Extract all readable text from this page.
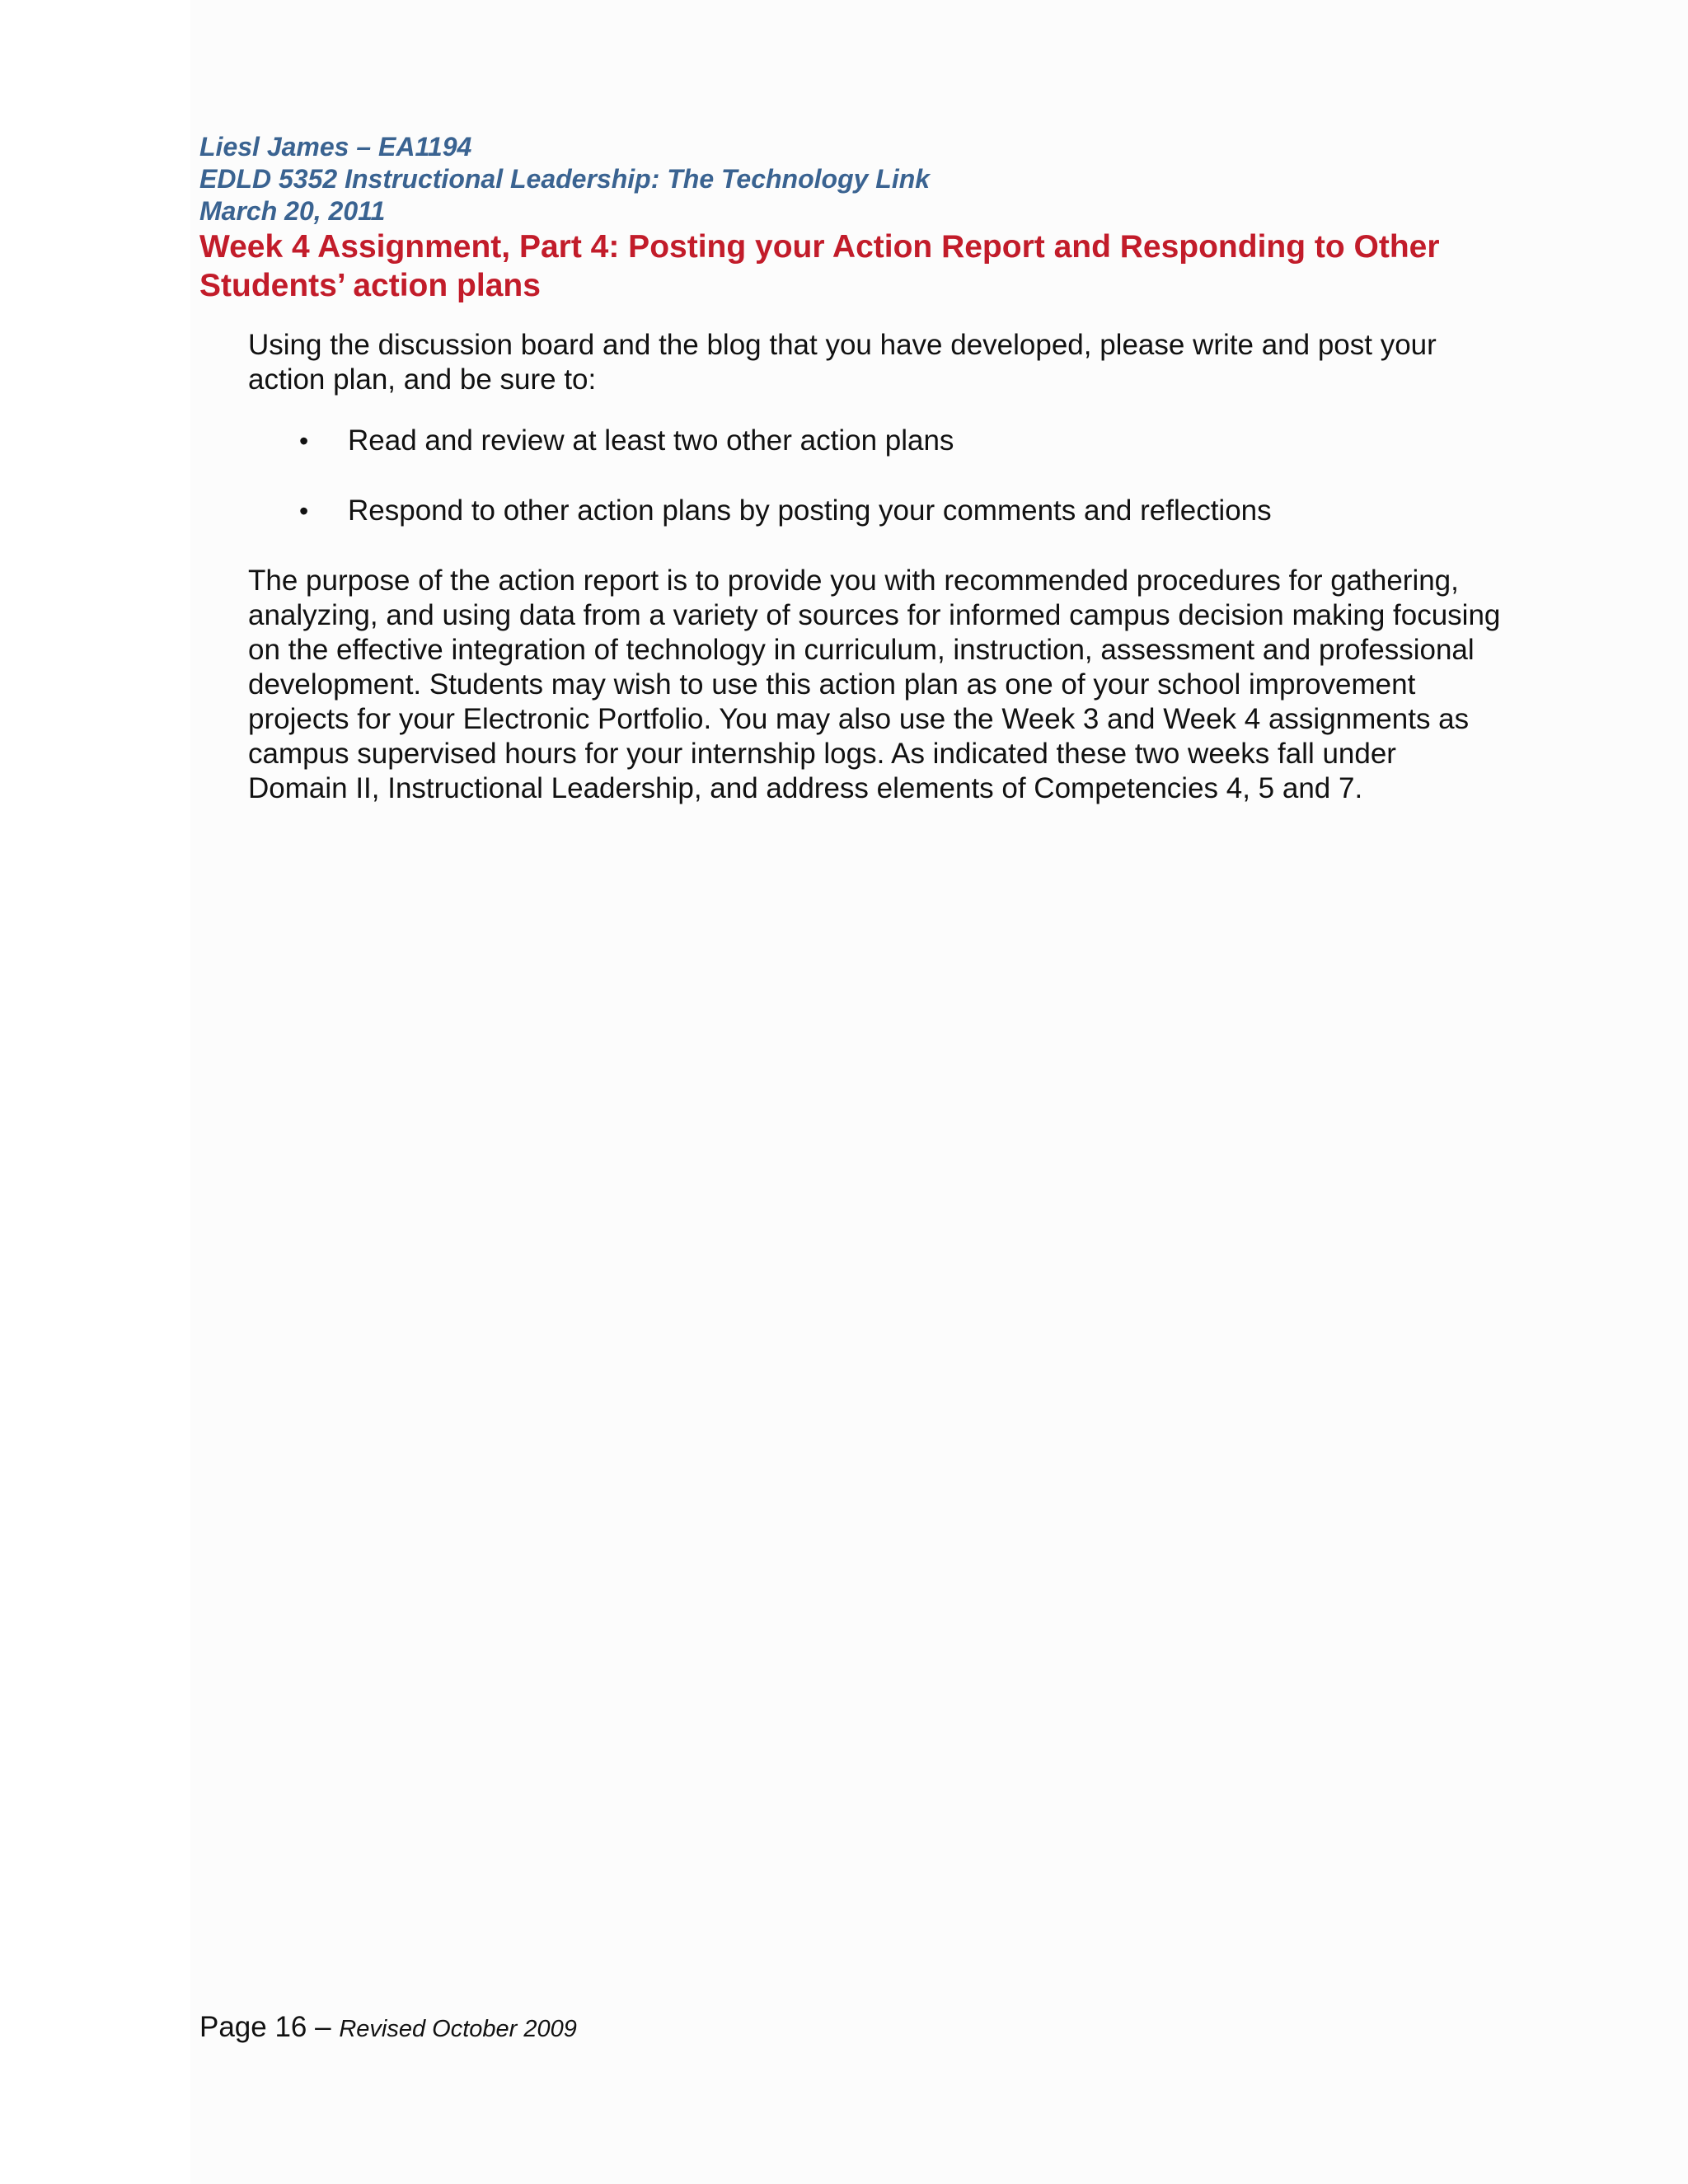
Liesl James – EA1194
EDLD 5352 Instructional Leadership: The Technology Link
March 20, 2011
Week 4 Assignment, Part 4: Posting your Action Report and Responding to Other Students’ action plans

Using the discussion board and the blog that you have developed, please write and post your action plan, and be sure to:

• Read and review at least two other action plans
• Respond to other action plans by posting your comments and reflections

The purpose of the action report is to provide you with recommended procedures for gathering, analyzing, and using data from a variety of sources for informed campus decision making focusing on the effective integration of technology in curriculum, instruction, assessment and professional development. Students may wish to use this action plan as one of your school improvement projects for your Electronic Portfolio. You may also use the Week 3 and Week 4 assignments as campus supervised hours for your internship logs. As indicated these two weeks fall under Domain II, Instructional Leadership, and address elements of Competencies 4, 5 and 7.

Page 16 – Revised October 2009
